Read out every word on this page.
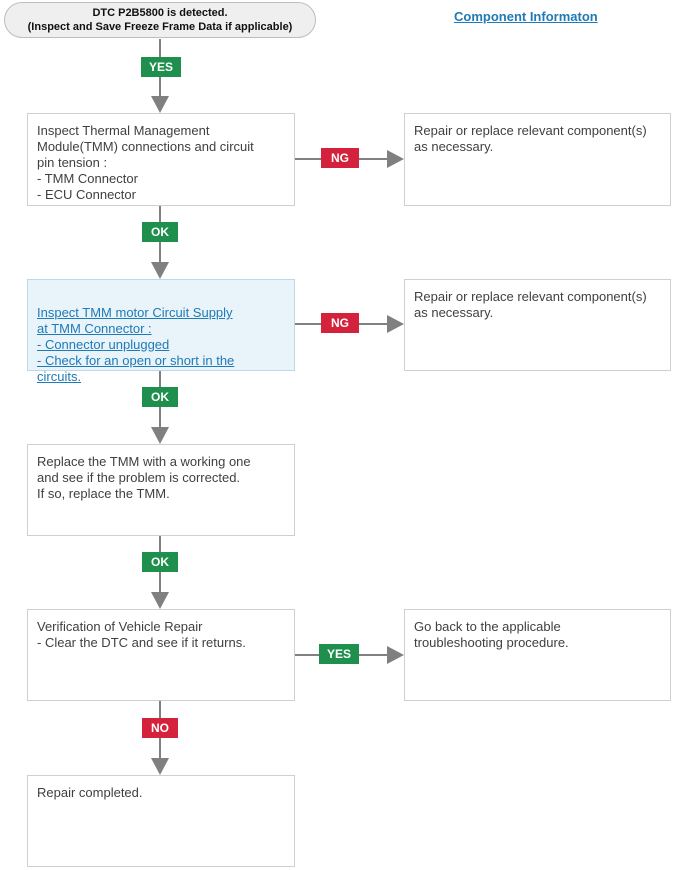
DTC P2B5800 is detected.
(Inspect and Save Freeze Frame Data if applicable)
Component Informaton
Inspect Thermal Management
Module(TMM) connections and circuit
pin tension :
- TMM Connector
- ECU Connector

Inspect TMM motor Circuit Supply
at TMM Connector :
- Connector unplugged
- Check for an open or short in the
circuits.

Replace the TMM with a working one
and see if the problem is corrected.
If so, replace the TMM.
Verification of Vehicle Repair
- Clear the DTC and see if it returns.
Repair completed.
Repair or replace relevant component(s)
as necessary.
Repair or replace relevant component(s)
as necessary.
Go back to the applicable
troubleshooting procedure.
YES
OK
NG
OK
NG
OK
YES
NO
